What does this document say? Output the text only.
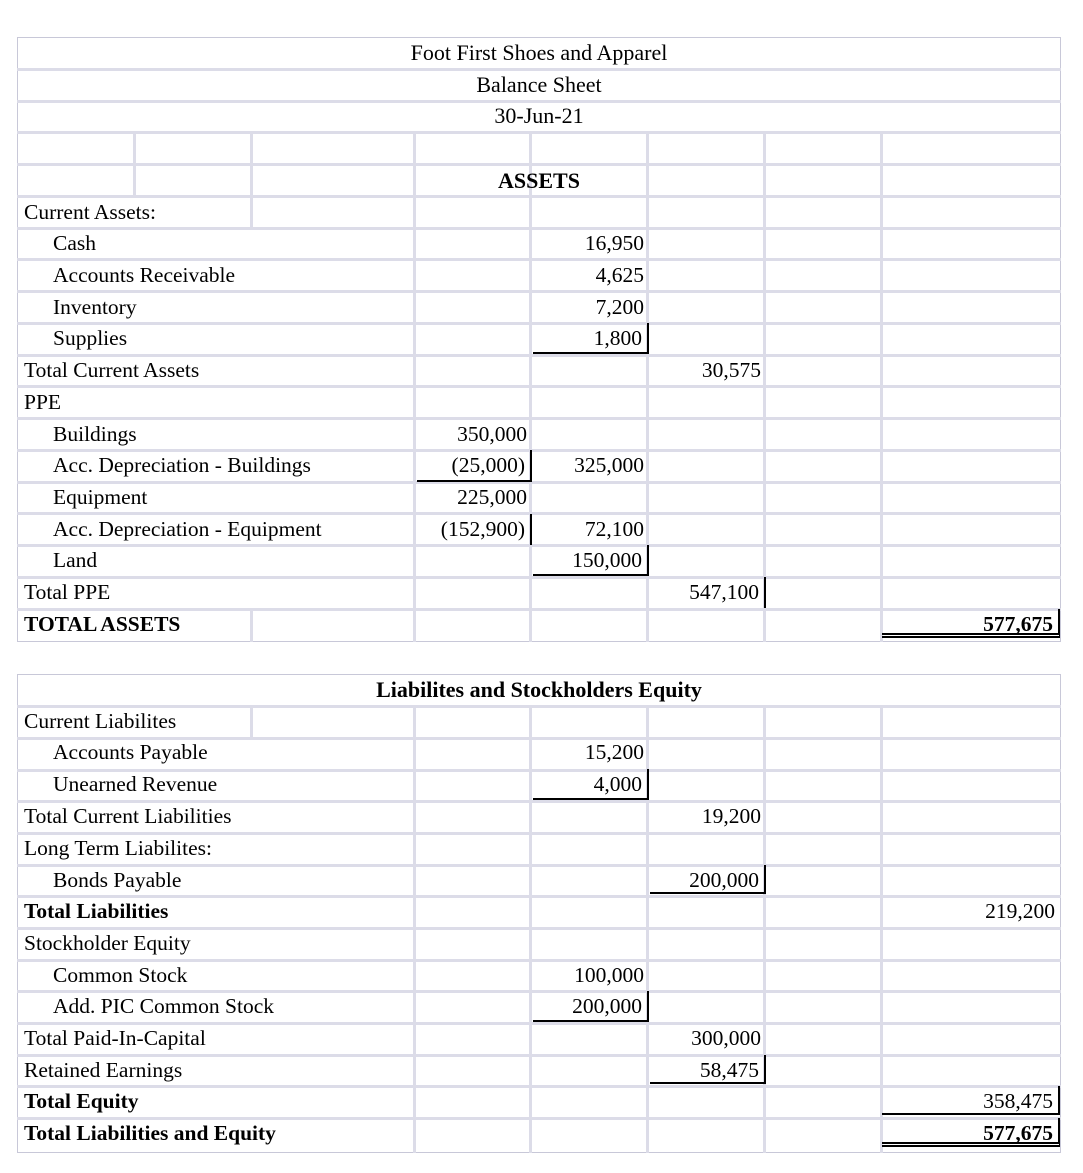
Foot First Shoes and Apparel
Balance Sheet
30-Jun-21
ASSETS
Current Assets:
Cash	16,950
Accounts Receivable	4,625
Inventory	7,200
Supplies	1,800
Total Current Assets	30,575
PPE
Buildings	350,000
Acc. Depreciation - Buildings	(25,000)	325,000
Equipment	225,000
Acc. Depreciation - Equipment	(152,900)	72,100
Land	150,000
Total PPE	547,100
TOTAL ASSETS	577,675
Liabilites and Stockholders Equity
Current Liabilites
Accounts Payable	15,200
Unearned Revenue	4,000
Total Current Liabilities	19,200
Long Term Liabilites:
Bonds Payable	200,000
Total Liabilities	219,200
Stockholder Equity
Common Stock	100,000
Add. PIC Common Stock	200,000
Total Paid-In-Capital	300,000
Retained Earnings	58,475
Total Equity	358,475
Total Liabilities and Equity	577,675
